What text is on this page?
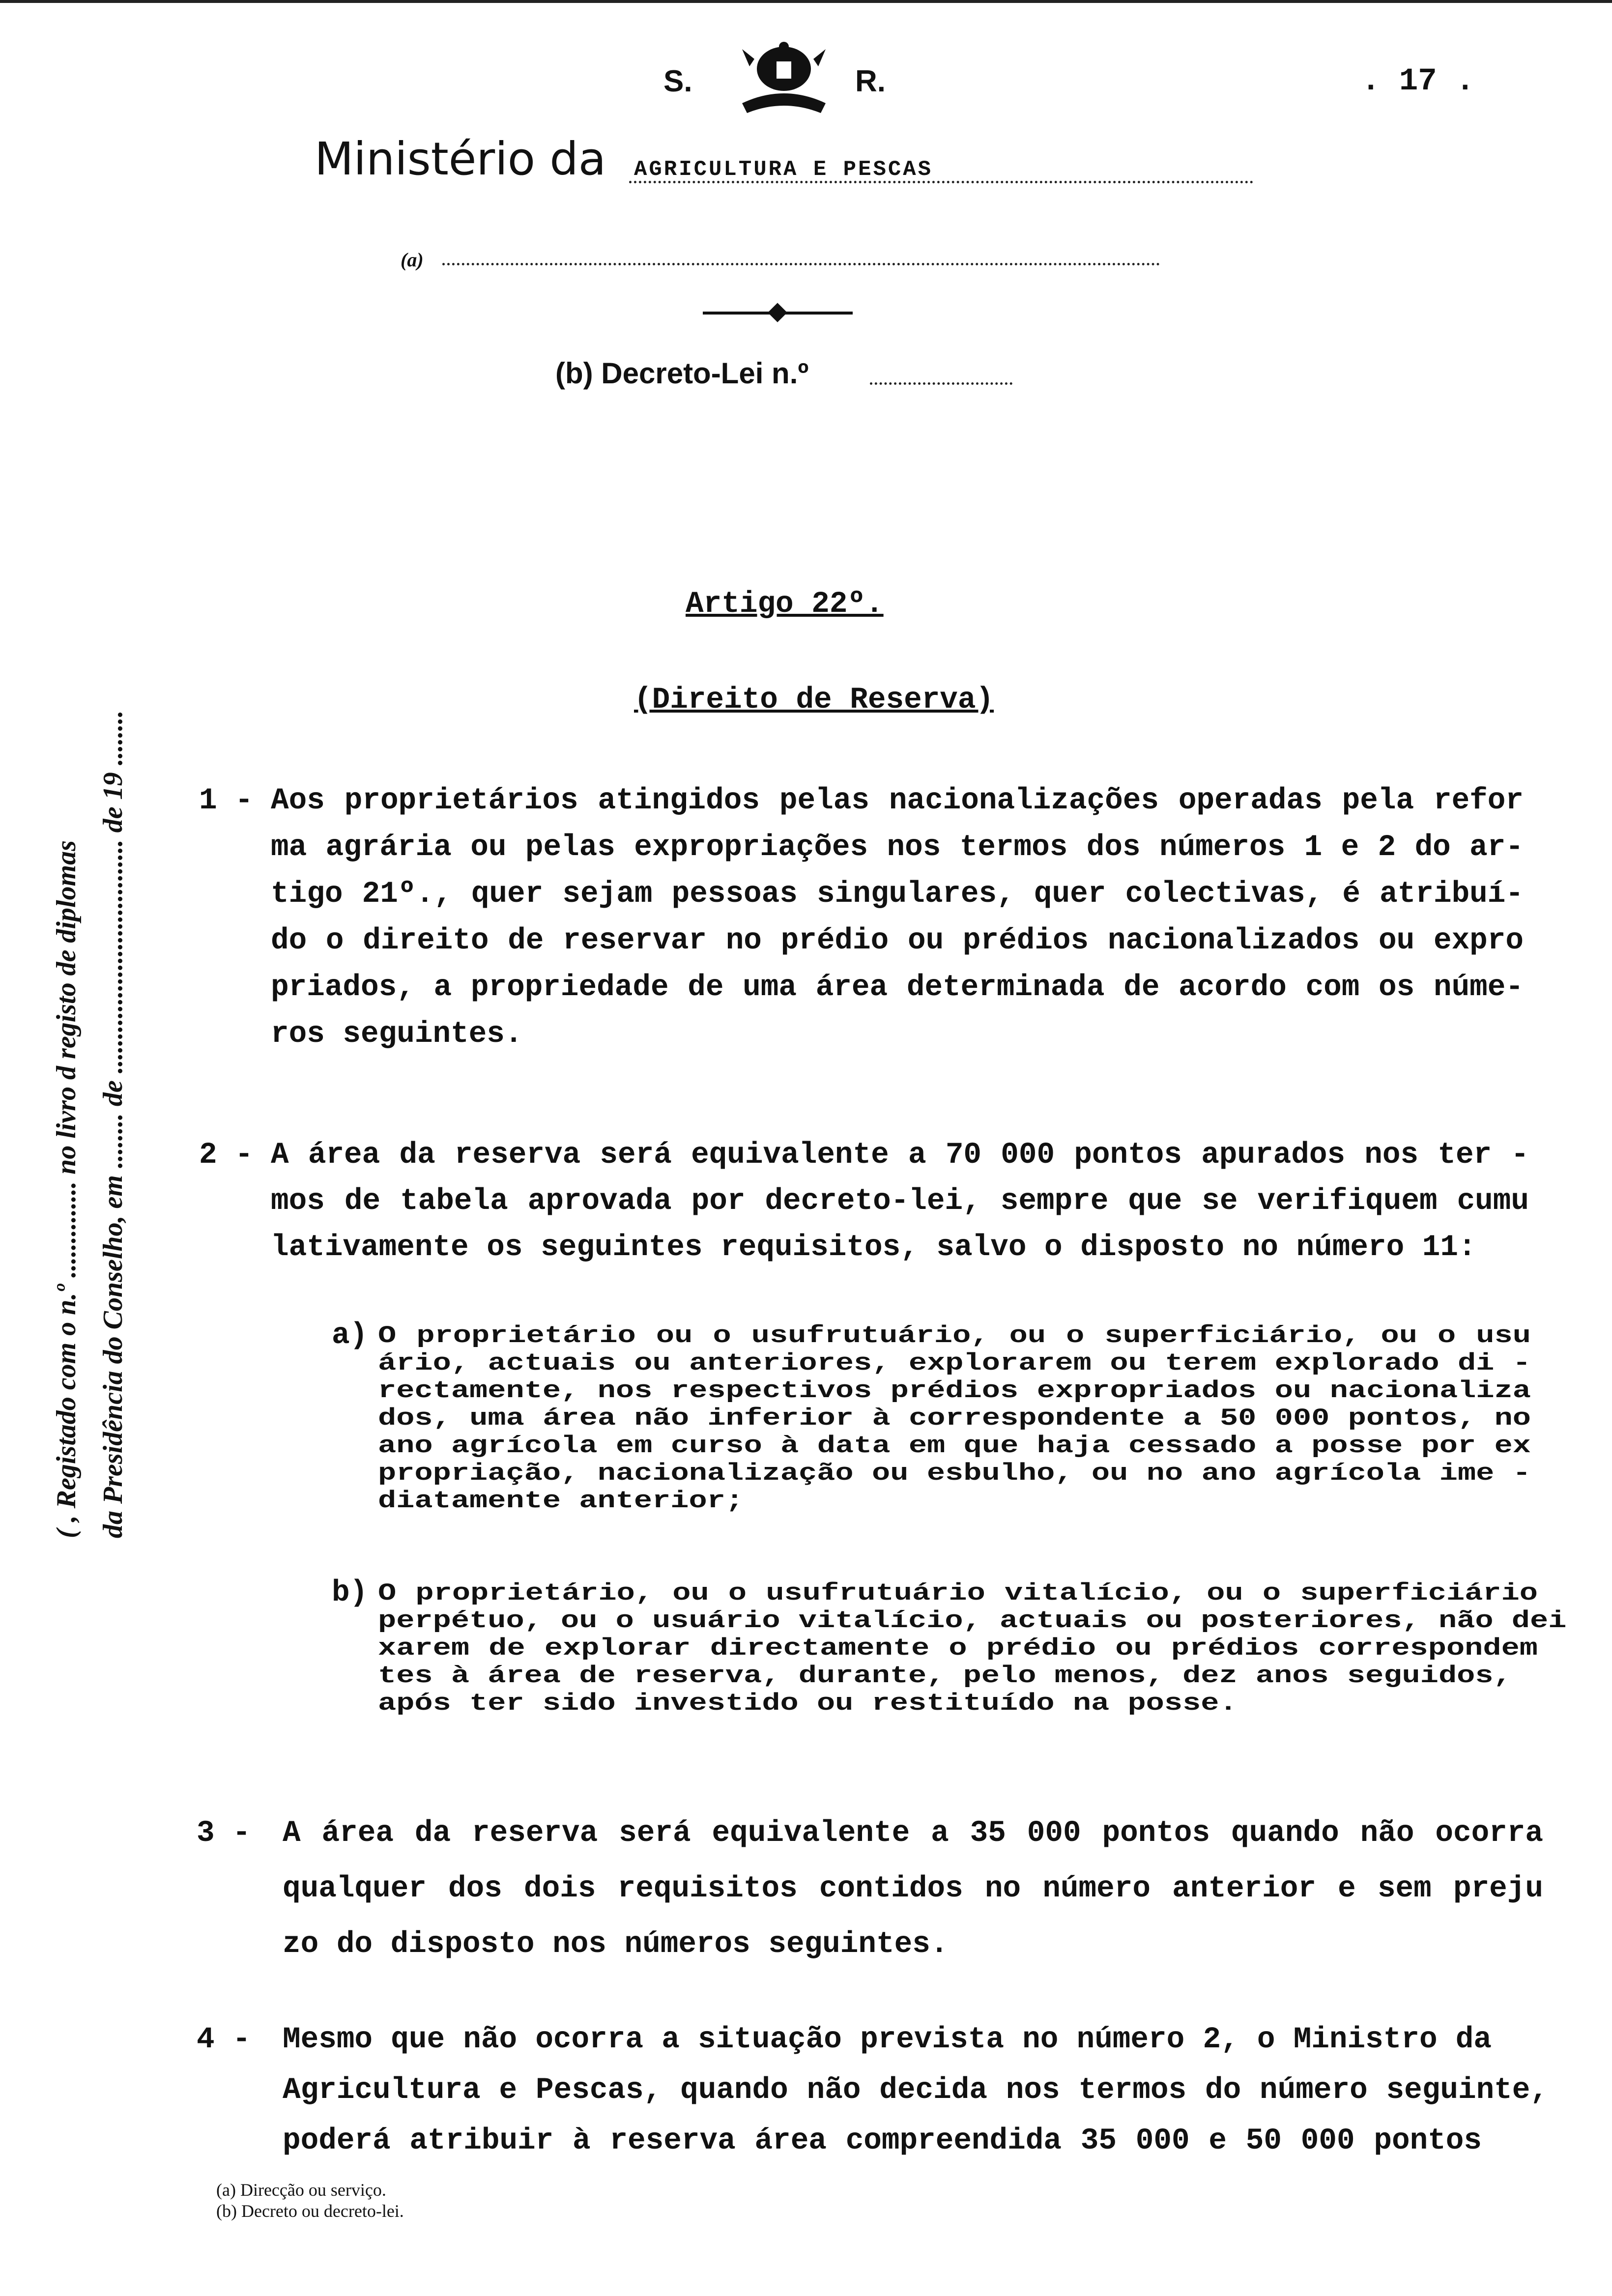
S.	R.	. 17 .
Ministério da AGRICULTURA E PESCAS
(a)
(b) Decreto-Lei n.º
Artigo 22º.
(Direito de Reserva)
1 - Aos proprietários atingidos pelas nacionalizações operadas pela refor
ma agrária ou pelas expropriações nos termos dos números 1 e 2 do ar-
tigo 21º., quer sejam pessoas singulares, quer colectivas, é atribuí-
do o direito de reservar no prédio ou prédios nacionalizados ou expro
priados, a propriedade de uma área determinada de acordo com os núme-
ros seguintes.
2 - A área da reserva será equivalente a 70 000 pontos apurados nos ter -
mos de tabela aprovada por decreto-lei, sempre que se verifiquem cumu
lativamente os seguintes requisitos, salvo o disposto no número 11:
a) O proprietário ou o usufrutuário, ou o superficiário, ou o usu
ário, actuais ou anteriores, explorarem ou terem explorado di -
rectamente, nos respectivos prédios expropriados ou nacionaliza
dos, uma área não inferior à correspondente a 50 000 pontos, no
ano agrícola em curso à data em que haja cessado a posse por ex
propriação, nacionalização ou esbulho, ou no ano agrícola ime -
diatamente anterior;
b) O proprietário, ou o usufrutuário vitalício, ou o superficiário
perpétuo, ou o usuário vitalício, actuais ou posteriores, não dei
xarem de explorar directamente o prédio ou prédios correspondem
tes à área de reserva, durante, pelo menos, dez anos seguidos,
após ter sido investido ou restituído na posse.
3 - A área da reserva será equivalente a 35 000 pontos quando não ocorra
qualquer dos dois requisitos contidos no número anterior e sem preju
zo do disposto nos números seguintes.
4 - Mesmo que não ocorra a situação prevista no número 2, o Ministro da
Agricultura e Pescas, quando não decida nos termos do número seguinte,
poderá atribuir à reserva área compreendida 35 000 e 50 000 pontos
( , Registado com o n.º .............. no livro d registo de diplomas da Presidência do Conselho, em ........ de .................................. de 19 ........
(a) Direcção ou serviço.
(b) Decreto ou decreto-lei.
